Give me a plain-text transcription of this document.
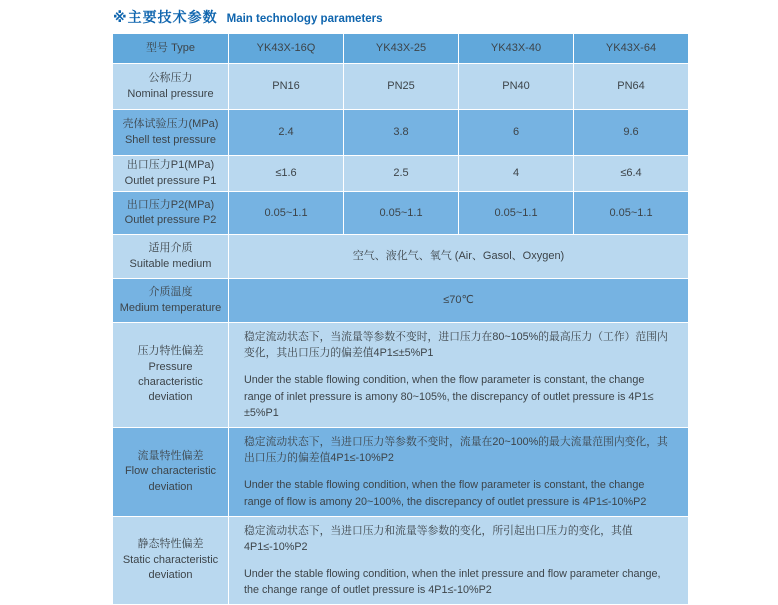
※主要技术参数 Main technology parameters
型号 Type	YK43X-16Q	YK43X-25	YK43X-40	YK43X-64

公称压力
Nominal pressure	PN16	PN25	PN40	PN64

壳体试验压力(MPa)
Shell test pressure	2.4	3.8	6	9.6

出口压力P1(MPa)
Outlet pressure P1	≤1.6	2.5	4	≤6.4

出口压力P2(MPa)
Outlet pressure P2	0.05~1.1	0.05~1.1	0.05~1.1	0.05~1.1

适用介质
Suitable medium	空气、液化气、氧气 (Air、Gasol、Oxygen)			

介质温度
Medium temperature	≤70℃			

压力特性偏差
Pressure characteristic deviation

稳定流动状态下，当流量等参数不变时，进口压力在80~105%的最高压力（工作）范围内变化，其出口压力的偏差值4P1≤±5%P1
Under the stable flowing condition, when the flow parameter is constant, the change range of inlet pressure is amony 80~105%, the discrepancy of outlet pressure is 4P1≤ ±5%P1

流量特性偏差
Flow characteristic deviation

稳定流动状态下，当进口压力等参数不变时，流量在20~100%的最大流量范围内变化，其出口压力的偏差值4P1≤-10%P2
Under the stable flowing condition, when the flow parameter is constant, the change range of flow is amony 20~100%, the discrepancy of outlet pressure is 4P1≤-10%P2

静态特性偏差
Static characteristic deviation

稳定流动状态下，当进口压力和流量等参数的变化，所引起出口压力的变化，其值4P1≤-10%P2
Under the stable flowing condition, when the inlet pressure and flow parameter change, the change range of outlet pressure is 4P1≤-10%P2
